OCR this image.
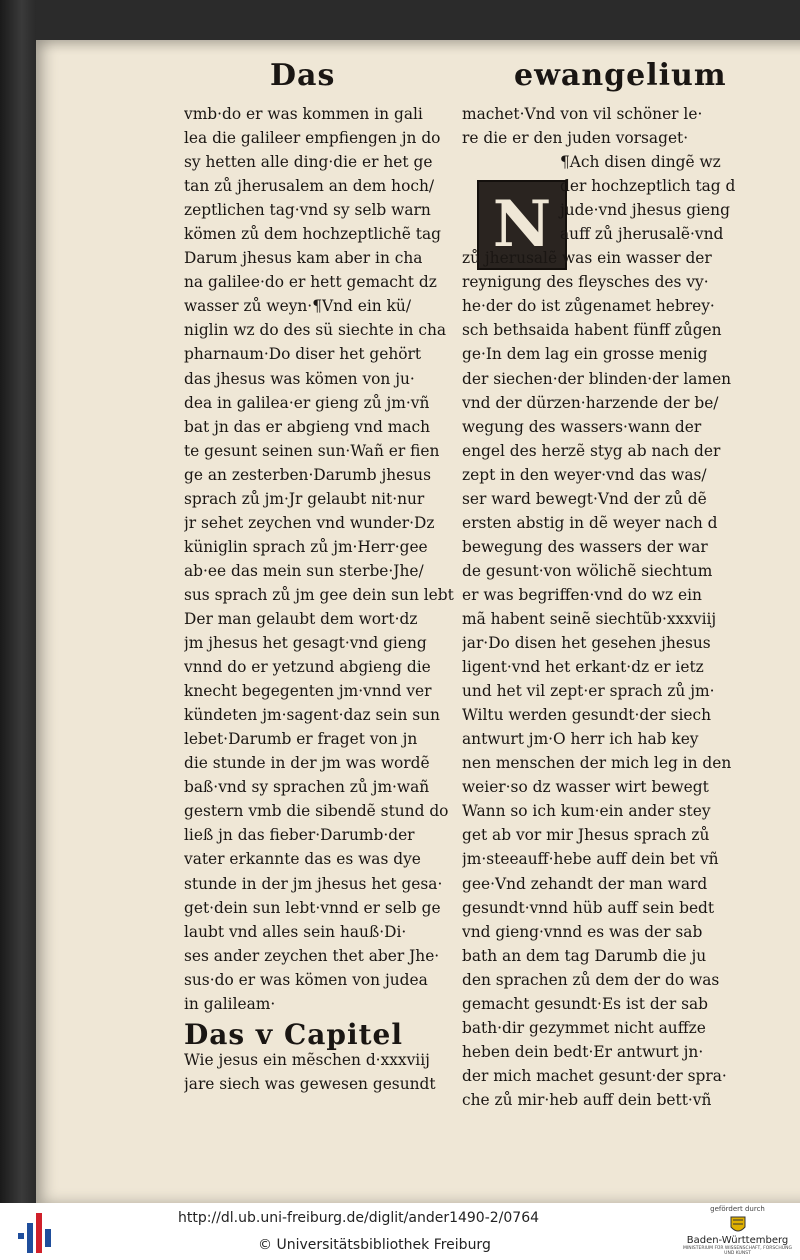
Das	ewangelium
vmb·do er was kommen in gali
lea die galileer empfiengen jn do
sy hetten alle ding·die er het ge
tan zů jherusalem an dem hoch/
zeptlichen tag·vnd sy selb warn
kömen zů dem hochzeptlichẽ tag
Darum jhesus kam aber in cha
na galilee·do er hett gemacht dz
wasser zů weyn·¶Vnd ein kü/
niglin wz do des sü siechte in cha
pharnaum·Do diser het gehört
das jhesus was kömen von ju·
dea in galilea·er gieng zů jm·vñ
bat jn das er abgieng vnd mach
te gesunt seinen sun·Wañ er fien
ge an zesterben·Darumb jhesus
sprach zů jm·Jr gelaubt nit·nur
jr sehet zeychen vnd wunder·Dz
küniglin sprach zů jm·Herr·gee
ab·ee das mein sun sterbe·Jhe/
sus sprach zů jm gee dein sun lebt
Der man gelaubt dem wort·dz
jm jhesus het gesagt·vnd gieng
vnnd do er yetzund abgieng die
knecht begegenten jm·vnnd ver
kündeten jm·sagent·daz sein sun
lebet·Darumb er fraget von jn
die stunde in der jm was wordẽ
baß·vnd sy sprachen zů jm·wañ
gestern vmb die sibendẽ stund do
ließ jn das fieber·Darumb·der
vater erkannte das es was dye
stunde in der jm jhesus het gesa·
get·dein sun lebt·vnnd er selb ge
laubt vnd alles sein hauß·Di·
ses ander zeychen thet aber Jhe·
sus·do er was kömen von judea
in galileam·
Das v Capitel
Wie jesus ein mẽschen d·xxxviij
jare siech was gewesen gesundt
N
machet·Vnd von vil schöner le·
re die er den juden vorsaget·
¶Ach disen dingẽ wz
der hochzeptlich tag d
jude·vnd jhesus gieng
auff zů jherusalẽ·vnd
zů jherusalẽ was ein wasser der
reynigung des fleysches des vy·
he·der do ist zůgenamet hebrey·
sch bethsaida habent fünff zůgen
ge·In dem lag ein grosse menig
der siechen·der blinden·der lamen
vnd der dürzen·harzende der be/
wegung des wassers·wann der
engel des herzẽ styg ab nach der
zept in den weyer·vnd das was/
ser ward bewegt·Vnd der zů dẽ
ersten abstig in dẽ weyer nach d
bewegung des wassers der war
de gesunt·von wölichẽ siechtum
er was begriffen·vnd do wz ein
mã habent seinẽ siechtũb·xxxviij
jar·Do disen het gesehen jhesus
ligent·vnd het erkant·dz er ietz
und het vil zept·er sprach zů jm·
Wiltu werden gesundt·der siech
antwurt jm·O herr ich hab key
nen menschen der mich leg in den
weier·so dz wasser wirt bewegt
Wann so ich kum·ein ander stey
get ab vor mir Jhesus sprach zů
jm·steeauff·hebe auff dein bet vñ
gee·Vnd zehandt der man ward
gesundt·vnnd hüb auff sein bedt
vnd gieng·vnnd es was der sab
bath an dem tag Darumb die ju
den sprachen zů dem der do was
gemacht gesundt·Es ist der sab
bath·dir gezymmet nicht auffze
heben dein bedt·Er antwurt jn·
der mich machet gesunt·der spra·
che zů mir·heb auff dein bett·vñ
http://dl.ub.uni-freiburg.de/diglit/ander1490-2/0764
© Universitätsbibliothek Freiburg
gefördert durch
Baden-Württemberg
MINISTERIUM FÜR WISSENSCHAFT, FORSCHUNG UND KUNST
